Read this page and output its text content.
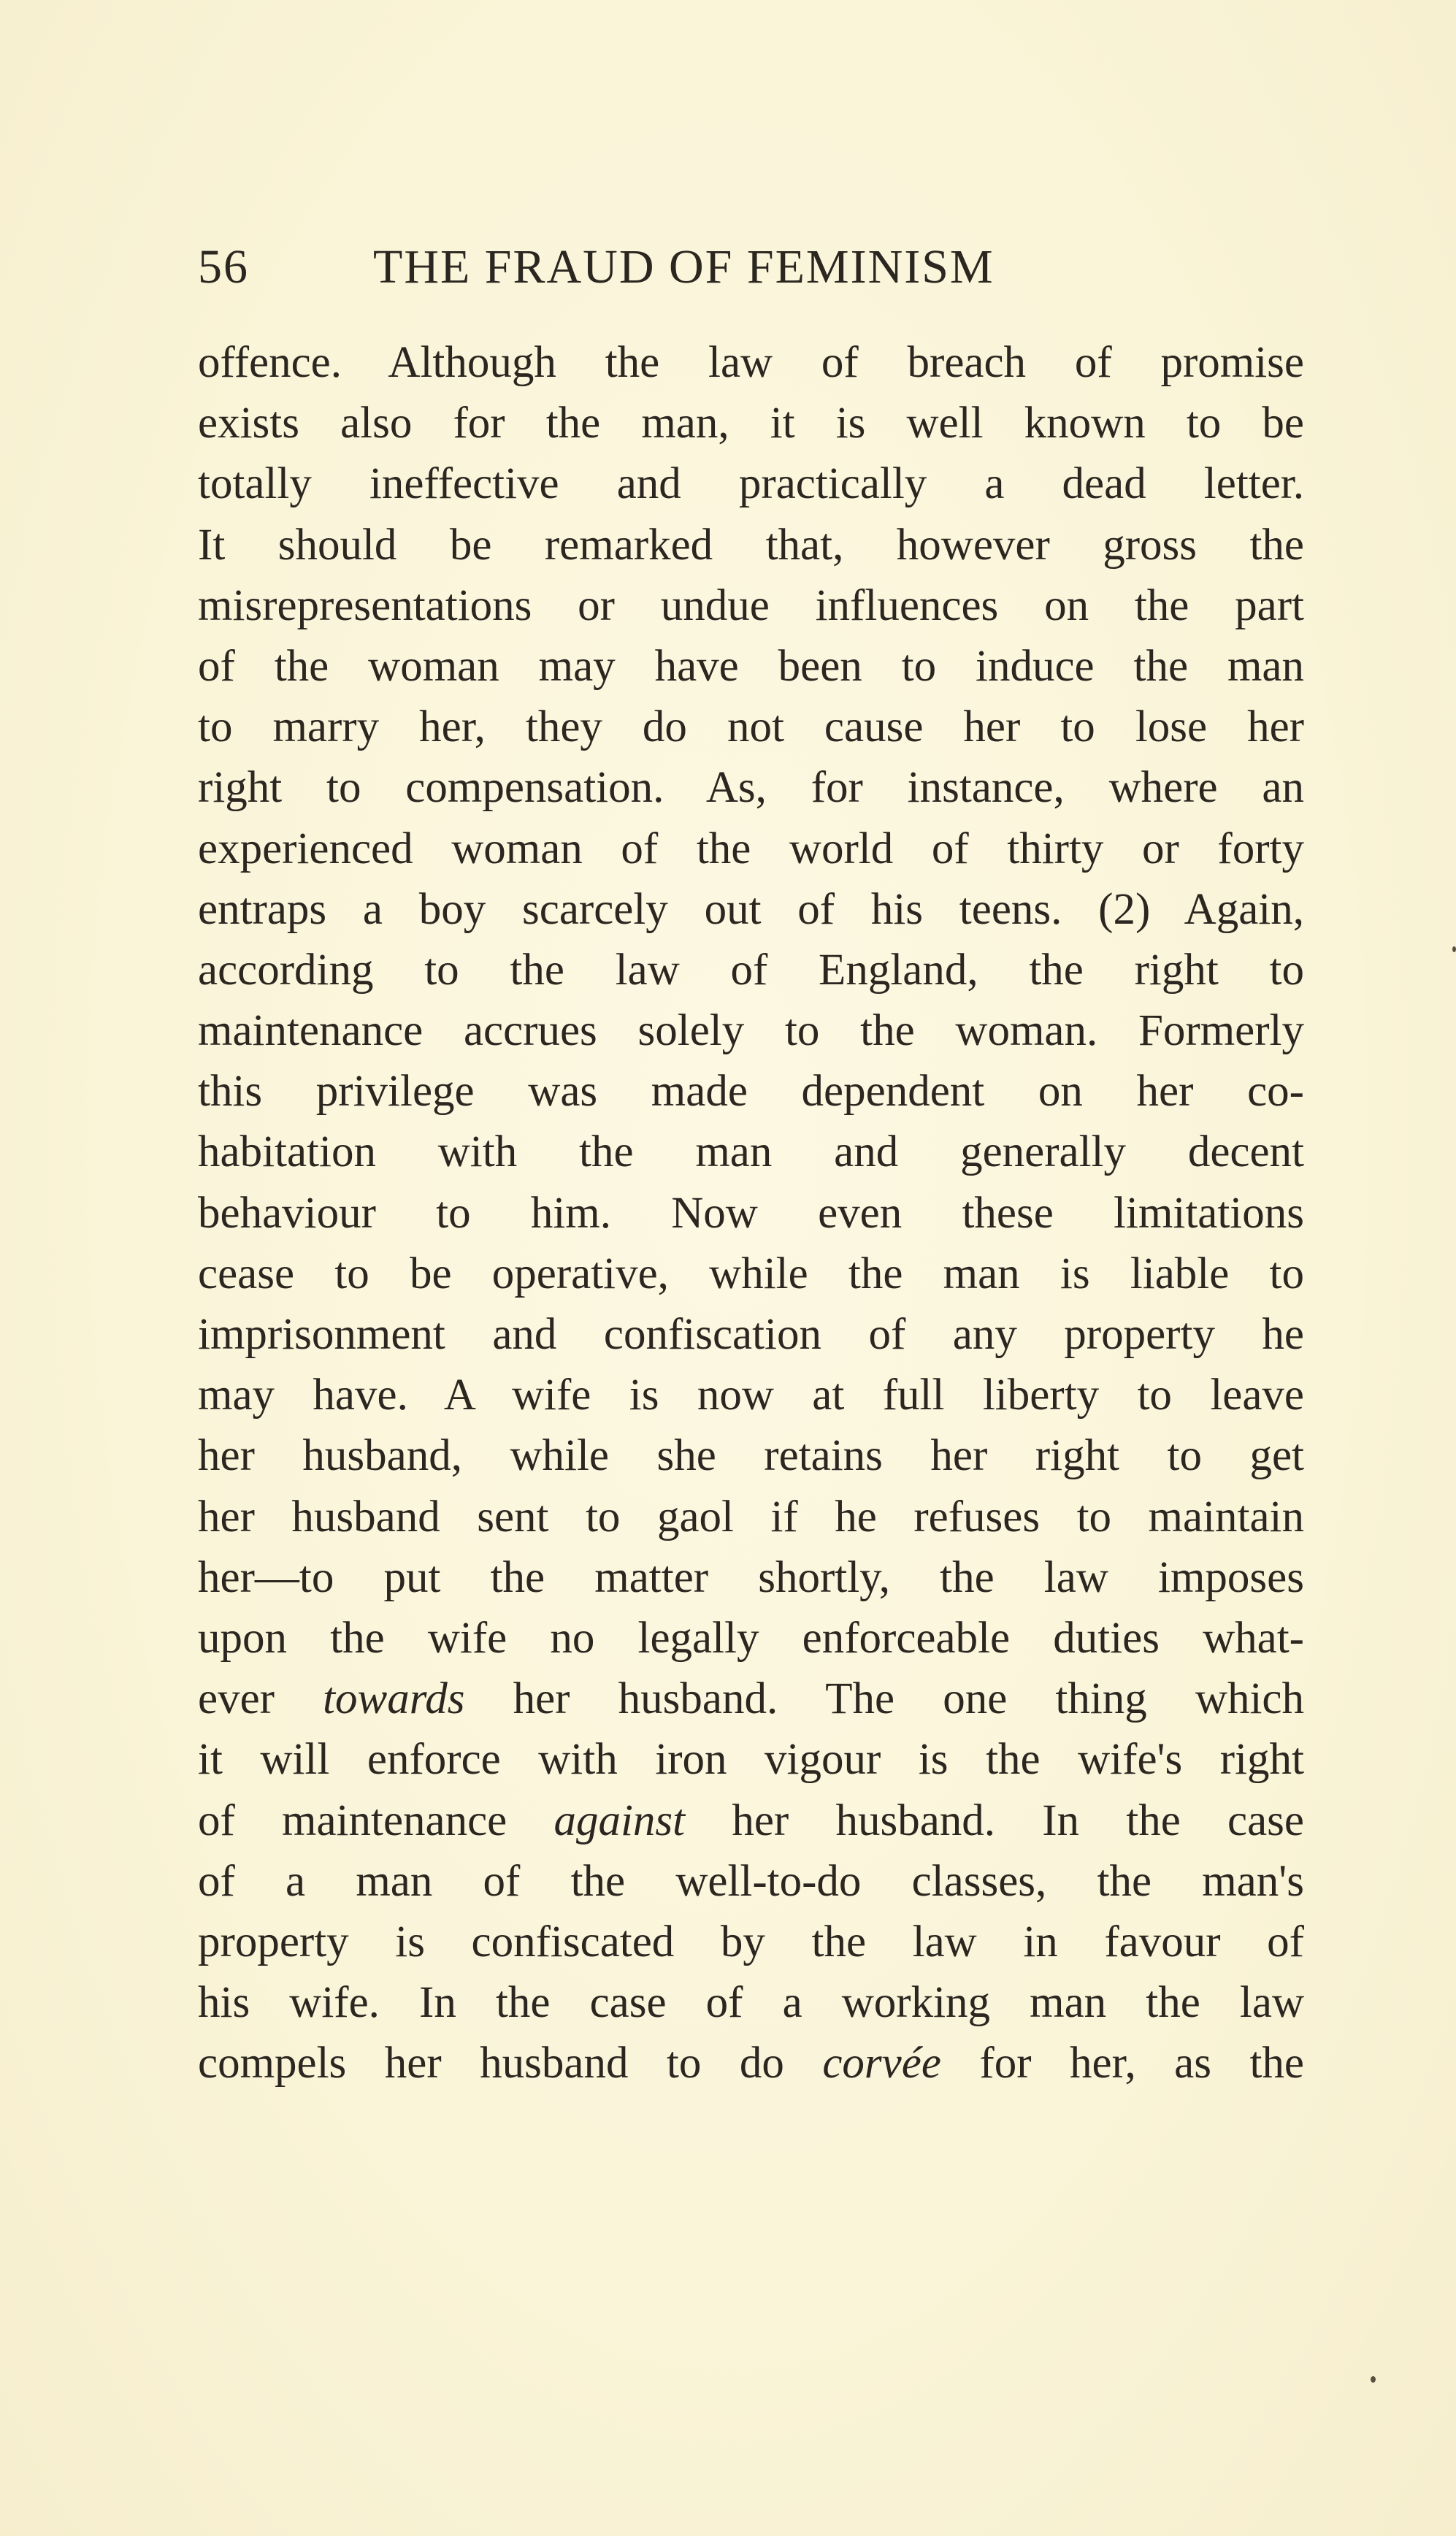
56	THE FRAUD OF FEMINISM
offence. Although the law of breach of promise
exists also for the man, it is well known to be
totally ineffective and practically a dead letter.
It should be remarked that, however gross the
misrepresentations or undue influences on the part
of the woman may have been to induce the man
to marry her, they do not cause her to lose her
right to compensation. As, for instance, where an
experienced woman of the world of thirty or forty
entraps a boy scarcely out of his teens. (2) Again,
according to the law of England, the right to
maintenance accrues solely to the woman. Formerly
this privilege was made dependent on her co-
habitation with the man and generally decent
behaviour to him. Now even these limitations
cease to be operative, while the man is liable to
imprisonment and confiscation of any property he
may have. A wife is now at full liberty to leave
her husband, while she retains her right to get
her husband sent to gaol if he refuses to maintain
her—to put the matter shortly, the law imposes
upon the wife no legally enforceable duties what-
ever towards her husband. The one thing which
it will enforce with iron vigour is the wife's right
of maintenance against her husband. In the case
of a man of the well-to-do classes, the man's
property is confiscated by the law in favour of
his wife. In the case of a working man the law
compels her husband to do corvée for her, as the
